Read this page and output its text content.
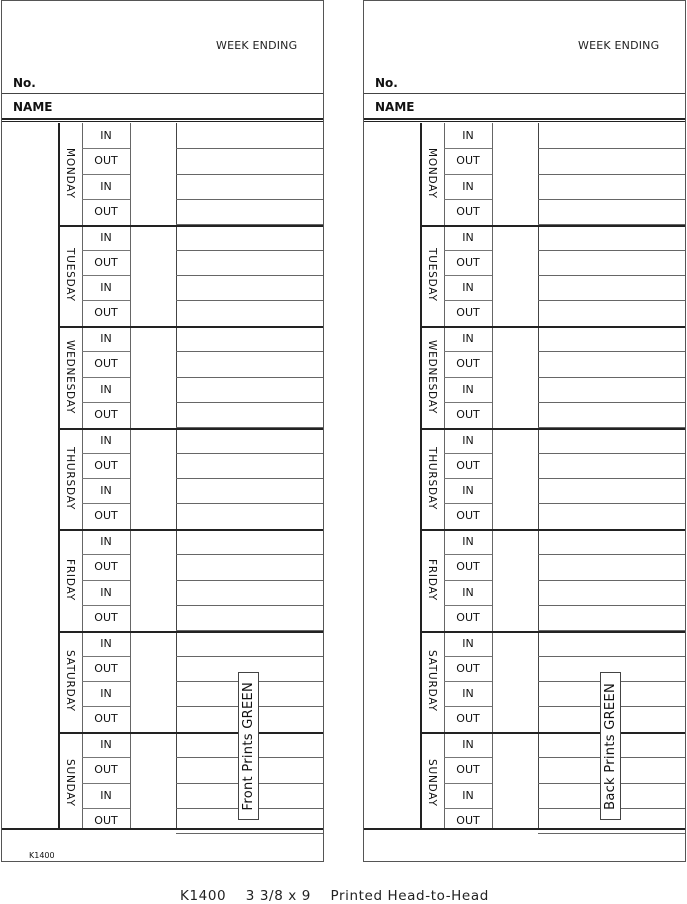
WEEK ENDING
No.
NAME
MONDAY
IN
OUT
IN
OUT
TUESDAY
IN
OUT
IN
OUT
WEDNESDAY
IN
OUT
IN
OUT
THURSDAY
IN
OUT
IN
OUT
FRIDAY
IN
OUT
IN
OUT
SATURDAY
IN
OUT
IN
OUT
SUNDAY
IN
OUT
IN
OUT
K1400
Front Prints GREEN
WEEK ENDING
No.
NAME
MONDAY
IN
OUT
IN
OUT
TUESDAY
IN
OUT
IN
OUT
WEDNESDAY
IN
OUT
IN
OUT
THURSDAY
IN
OUT
IN
OUT
FRIDAY
IN
OUT
IN
OUT
SATURDAY
IN
OUT
IN
OUT
SUNDAY
IN
OUT
IN
OUT
Back Prints GREEN
K1400    3 3/8 x 9    Printed Head-to-Head
